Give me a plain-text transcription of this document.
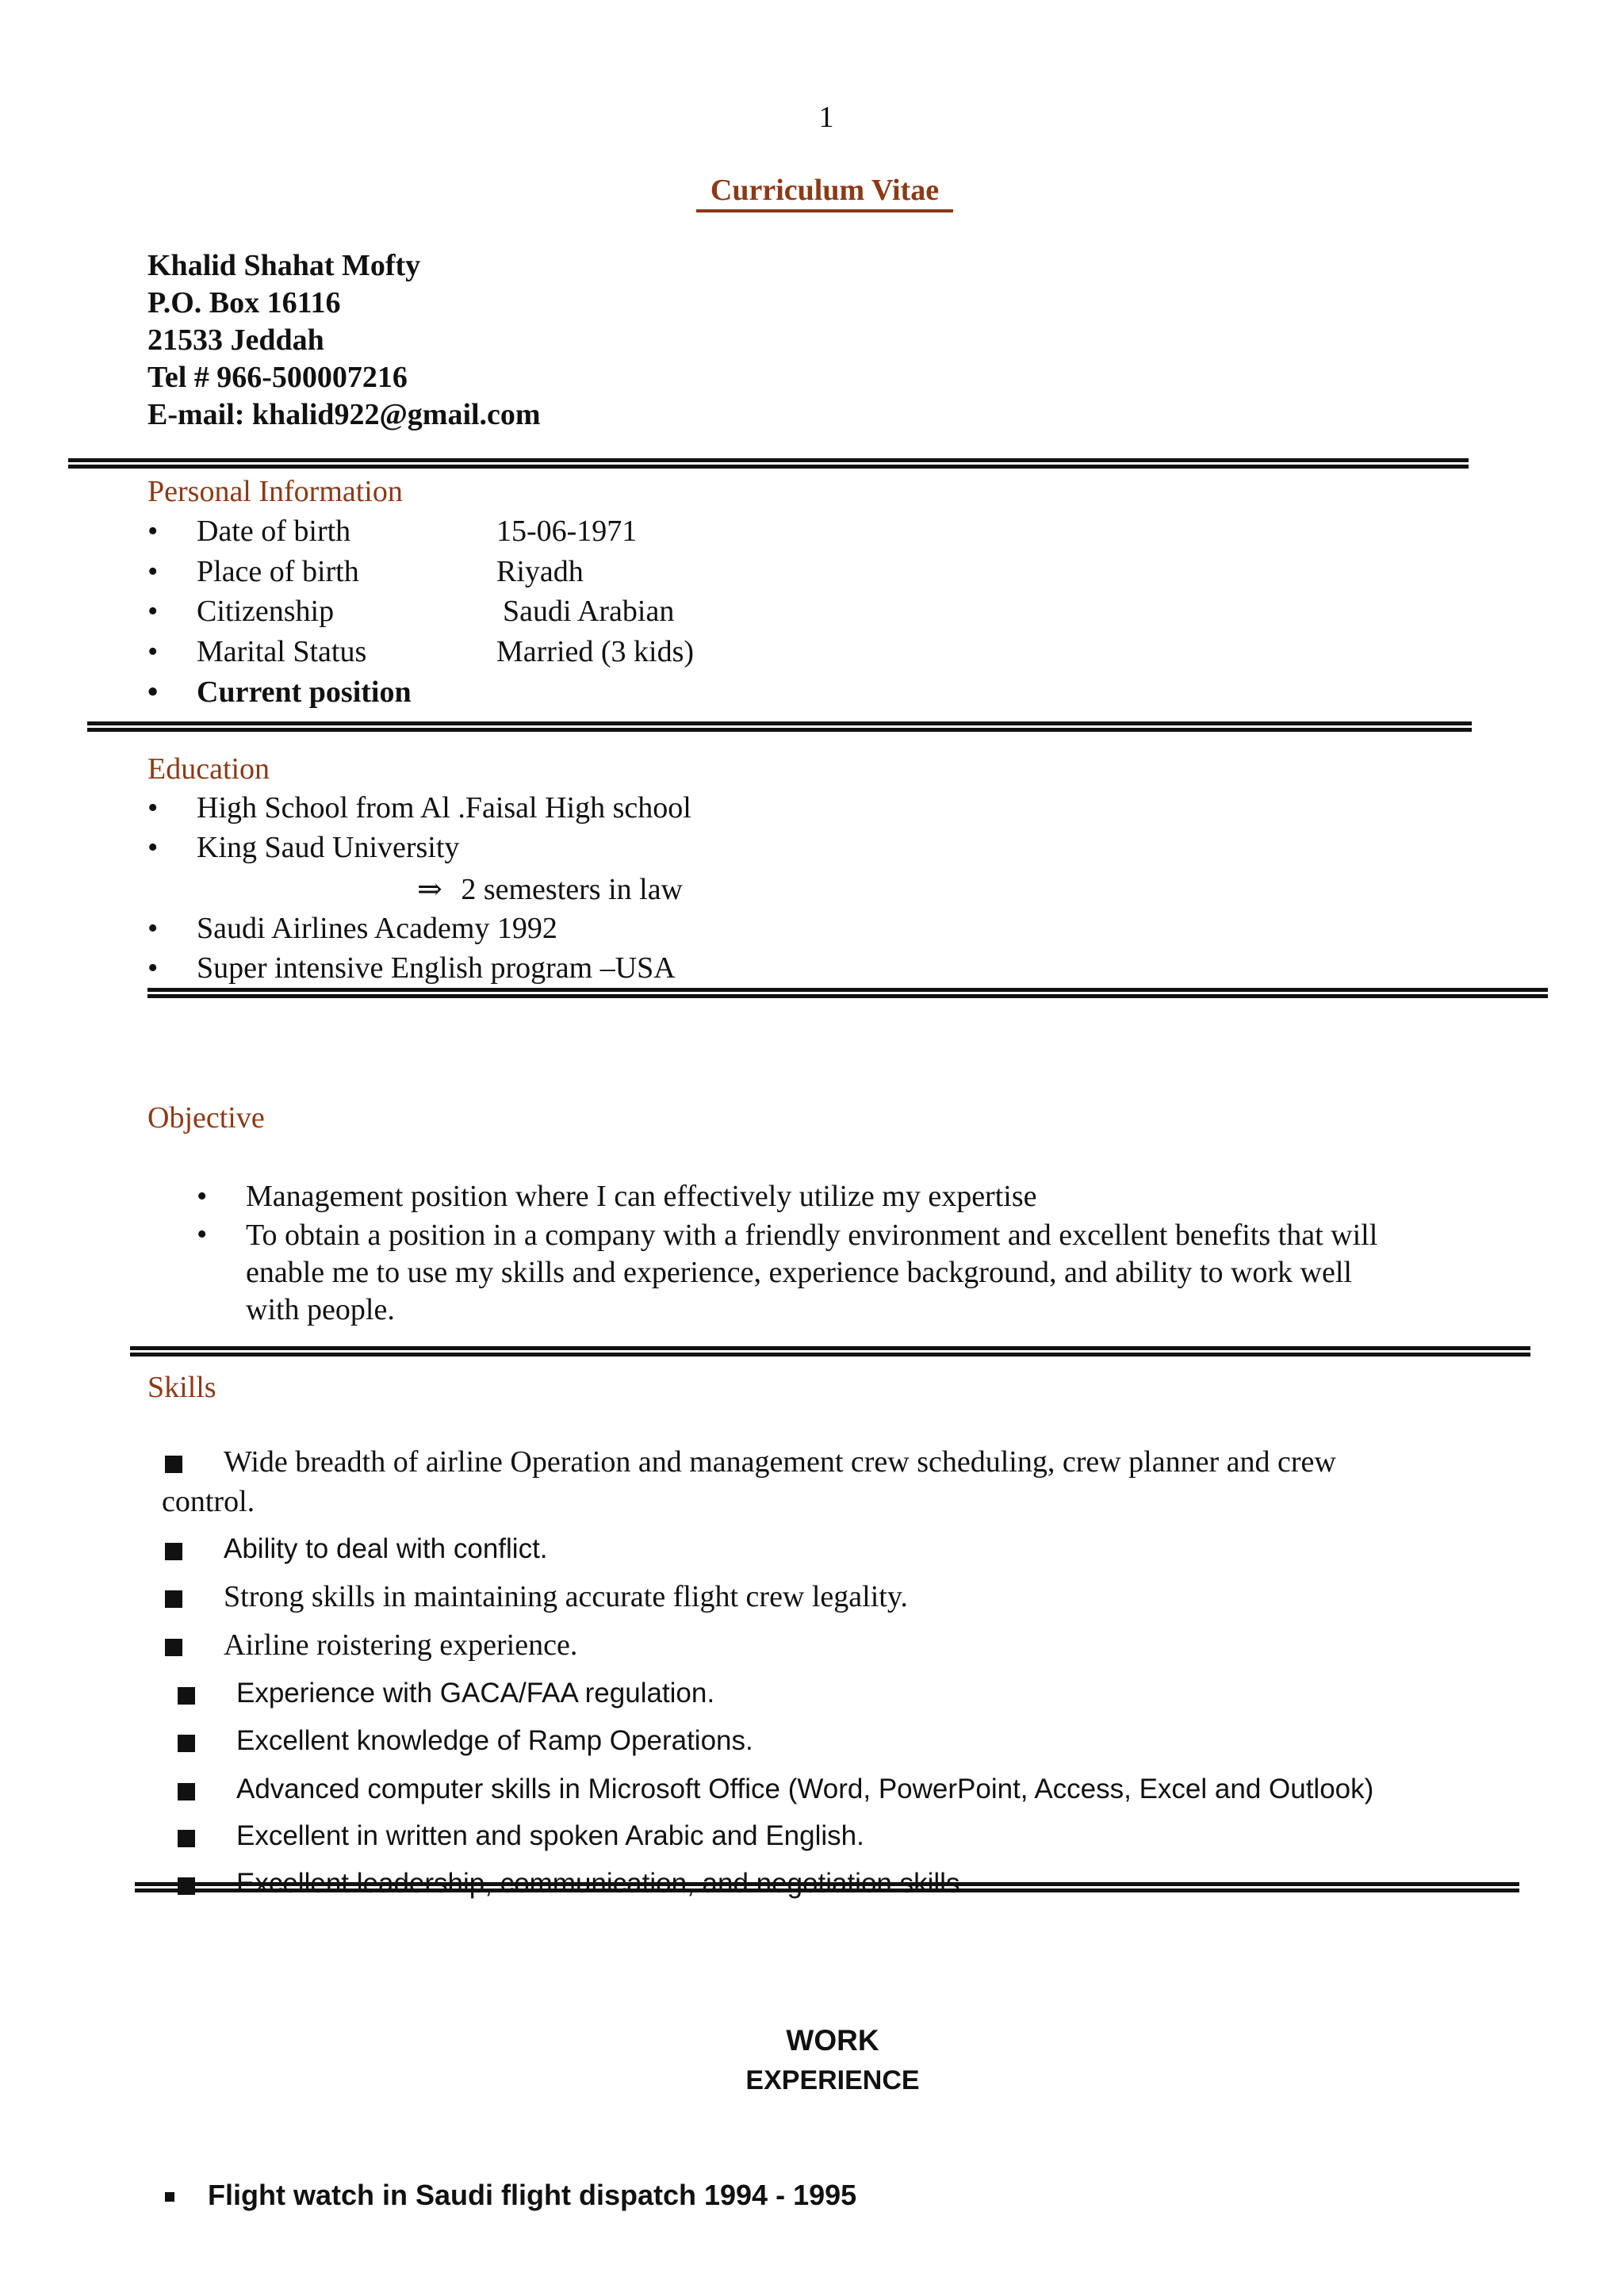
1
Curriculum Vitae
Khalid Shahat Mofty
P.O. Box 16116
21533 Jeddah
Tel # 966-500007216
E-mail: khalid922@gmail.com
Personal Information
• Date of birth	15-06-1971
• Place of birth	Riyadh
• Citizenship	Saudi Arabian
• Marital Status	Married (3 kids)
• Current position
Education
• High School from Al .Faisal High school
• King Saud University
⇒ 2 semesters in law
• Saudi Airlines Academy 1992
• Super intensive English program –USA
Objective
• Management position where I can effectively utilize my expertise
•	To obtain a position in a company with a friendly environment and excellent benefits that will
enable me to use my skills and experience, experience background, and ability to work well
with people.
Skills
Wide breadth of airline Operation and management crew scheduling, crew planner and crew
control.
Ability to deal with conflict.
Strong skills in maintaining accurate flight crew legality.
Airline roistering experience.
Experience with GACA/FAA regulation.
Excellent knowledge of Ramp Operations.
Advanced computer skills in Microsoft Office (Word, PowerPoint, Access, Excel and Outlook)
Excellent in written and spoken Arabic and English.
Excellent leadership, communication, and negotiation skills.
WORK
EXPERIENCE
Flight watch in Saudi flight dispatch 1994 - 1995
